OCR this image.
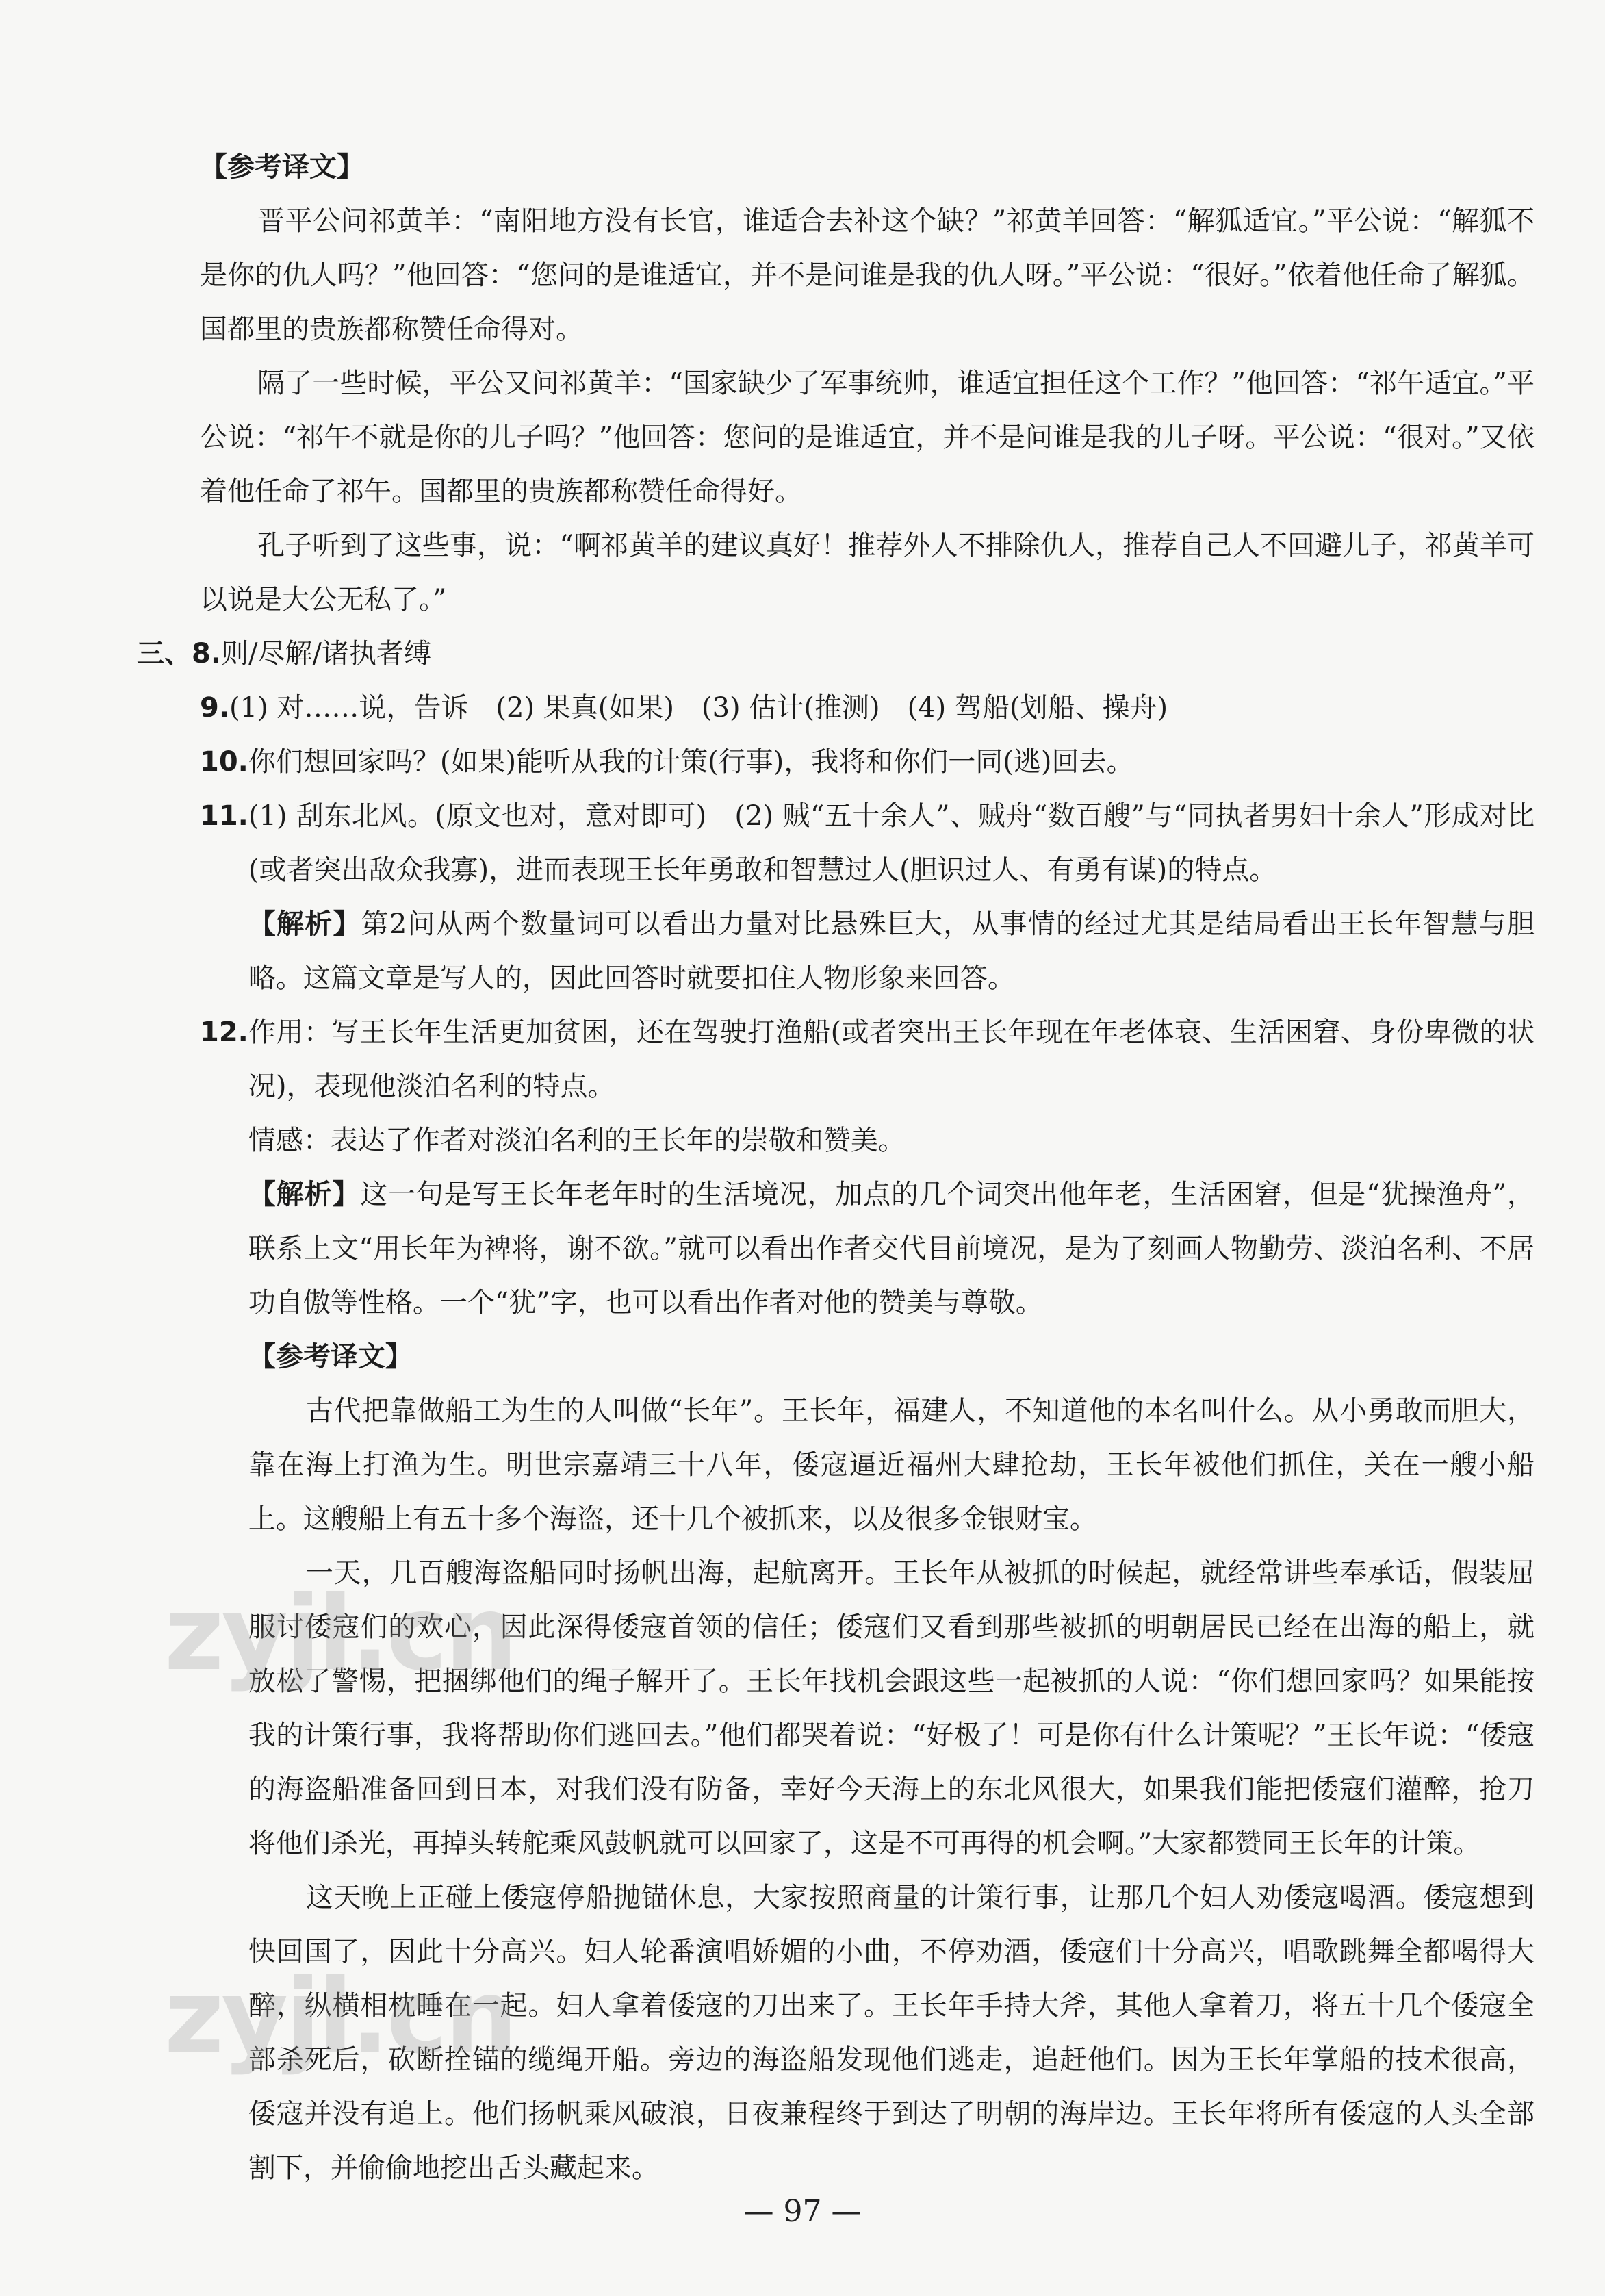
【参考译文】

晋平公问祁黄羊：“南阳地方没有长官，谁适合去补这个缺？”祁黄羊回答：“解狐适宜。”平公说：“解狐不是你的仇人吗？”他回答：“您问的是谁适宜，并不是问谁是我的仇人呀。”平公说：“很好。”依着他任命了解狐。国都里的贵族都称赞任命得对。

隔了一些时候，平公又问祁黄羊：“国家缺少了军事统帅，谁适宜担任这个工作？”他回答：“祁午适宜。”平公说：“祁午不就是你的儿子吗？”他回答：您问的是谁适宜，并不是问谁是我的儿子呀。平公说：“很对。”又依着他任命了祁午。国都里的贵族都称赞任命得好。

孔子听到了这些事，说：“啊祁黄羊的建议真好！推荐外人不排除仇人，推荐自己人不回避儿子，祁黄羊可以说是大公无私了。”

三、8. 则/尽解/诸执者缚
9. (1) 对……说，告诉　(2) 果真(如果)　(3) 估计(推测)　(4) 驾船(划船、操舟)
10. 你们想回家吗？(如果)能听从我的计策(行事)，我将和你们一同(逃)回去。
11. (1) 刮东北风。(原文也对，意对即可)　(2) 贼“五十余人”、贼舟“数百艘”与“同执者男妇十余人”形成对比(或者突出敌众我寡)，进而表现王长年勇敢和智慧过人(胆识过人、有勇有谋)的特点。

【解析】第2问从两个数量词可以看出力量对比悬殊巨大，从事情的经过尤其是结局看出王长年智慧与胆略。这篇文章是写人的，因此回答时就要扣住人物形象来回答。

12. 作用：写王长年生活更加贫困，还在驾驶打渔船(或者突出王长年现在年老体衰、生活困窘、身份卑微的状况)，表现他淡泊名利的特点。

情感：表达了作者对淡泊名利的王长年的崇敬和赞美。

【解析】这一句是写王长年老年时的生活境况，加点的几个词突出他年老，生活困窘，但是“犹操渔舟”，联系上文“用长年为裨将，谢不欲。”就可以看出作者交代目前境况，是为了刻画人物勤劳、淡泊名利、不居功自傲等性格。一个“犹”字，也可以看出作者对他的赞美与尊敬。

【参考译文】

古代把靠做船工为生的人叫做“长年”。王长年，福建人，不知道他的本名叫什么。从小勇敢而胆大，靠在海上打渔为生。明世宗嘉靖三十八年，倭寇逼近福州大肆抢劫，王长年被他们抓住，关在一艘小船上。这艘船上有五十多个海盗，还十几个被抓来，以及很多金银财宝。

一天，几百艘海盗船同时扬帆出海，起航离开。王长年从被抓的时候起，就经常讲些奉承话，假装屈服讨倭寇们的欢心，因此深得倭寇首领的信任；倭寇们又看到那些被抓的明朝居民已经在出海的船上，就放松了警惕，把捆绑他们的绳子解开了。王长年找机会跟这些一起被抓的人说：“你们想回家吗？如果能按我的计策行事，我将帮助你们逃回去。”他们都哭着说：“好极了！可是你有什么计策呢？”王长年说：“倭寇的海盗船准备回到日本，对我们没有防备，幸好今天海上的东北风很大，如果我们能把倭寇们灌醉，抢刀将他们杀光，再掉头转舵乘风鼓帆就可以回家了，这是不可再得的机会啊。”大家都赞同王长年的计策。

这天晚上正碰上倭寇停船抛锚休息，大家按照商量的计策行事，让那几个妇人劝倭寇喝酒。倭寇想到快回国了，因此十分高兴。妇人轮番演唱娇媚的小曲，不停劝酒，倭寇们十分高兴，唱歌跳舞全都喝得大醉，纵横相枕睡在一起。妇人拿着倭寇的刀出来了。王长年手持大斧，其他人拿着刀，将五十几个倭寇全部杀死后，砍断拴锚的缆绳开船。旁边的海盗船发现他们逃走，追赶他们。因为王长年掌船的技术很高，倭寇并没有追上。他们扬帆乘风破浪，日夜兼程终于到达了明朝的海岸边。王长年将所有倭寇的人头全部割下，并偷偷地挖出舌头藏起来。

zyjl.cn
zyjl.cn
— 97 —
